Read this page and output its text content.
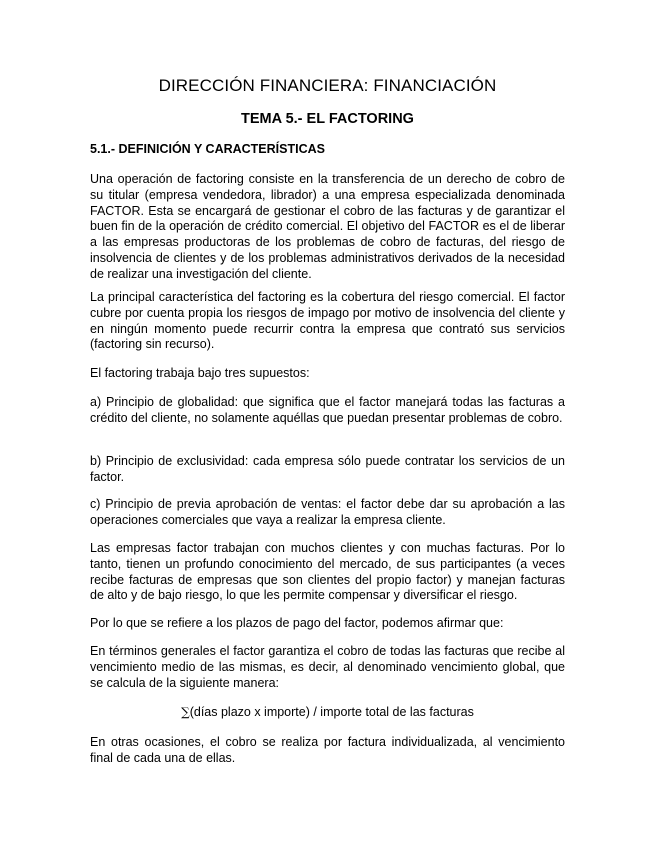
DIRECCIÓN FINANCIERA: FINANCIACIÓN
TEMA 5.- EL FACTORING
5.1.- DEFINICIÓN Y CARACTERÍSTICAS

Una operación de factoring consiste en la transferencia de un derecho de cobro de su titular (empresa vendedora, librador) a una empresa especializada denominada FACTOR. Esta se encargará de gestionar el cobro de las facturas y de garantizar el buen fin de la operación de crédito comercial. El objetivo del FACTOR es el de liberar a las empresas productoras de los problemas de cobro de facturas, del riesgo de insolvencia de clientes y de los problemas administrativos derivados de la necesidad de realizar una investigación del cliente.

La principal característica del factoring es la cobertura del riesgo comercial. El factor cubre por cuenta propia los riesgos de impago por motivo de insolvencia del cliente y en ningún momento puede recurrir contra la empresa que contrató sus servicios (factoring sin recurso).

El factoring trabaja bajo tres supuestos:

a) Principio de globalidad: que significa que el factor manejará todas las facturas a crédito del cliente, no solamente aquéllas que puedan presentar problemas de cobro.

b) Principio de exclusividad: cada empresa sólo puede contratar los servicios de un factor.

c) Principio de previa aprobación de ventas: el factor debe dar su aprobación a las operaciones comerciales que vaya a realizar la empresa cliente.

Las empresas factor trabajan con muchos clientes y con muchas facturas. Por lo tanto, tienen un profundo conocimiento del mercado, de sus participantes (a veces recibe facturas de empresas que son clientes del propio factor) y manejan facturas de alto y de bajo riesgo, lo que les permite compensar y diversificar el riesgo.

Por lo que se refiere a los plazos de pago del factor, podemos afirmar que:

En términos generales el factor garantiza el cobro de todas las facturas que recibe al vencimiento medio de las mismas, es decir, al denominado vencimiento global, que se calcula de la siguiente manera:

∑(días plazo x importe) / importe total de las facturas

En otras ocasiones, el cobro se realiza por factura individualizada, al vencimiento final de cada una de ellas.
